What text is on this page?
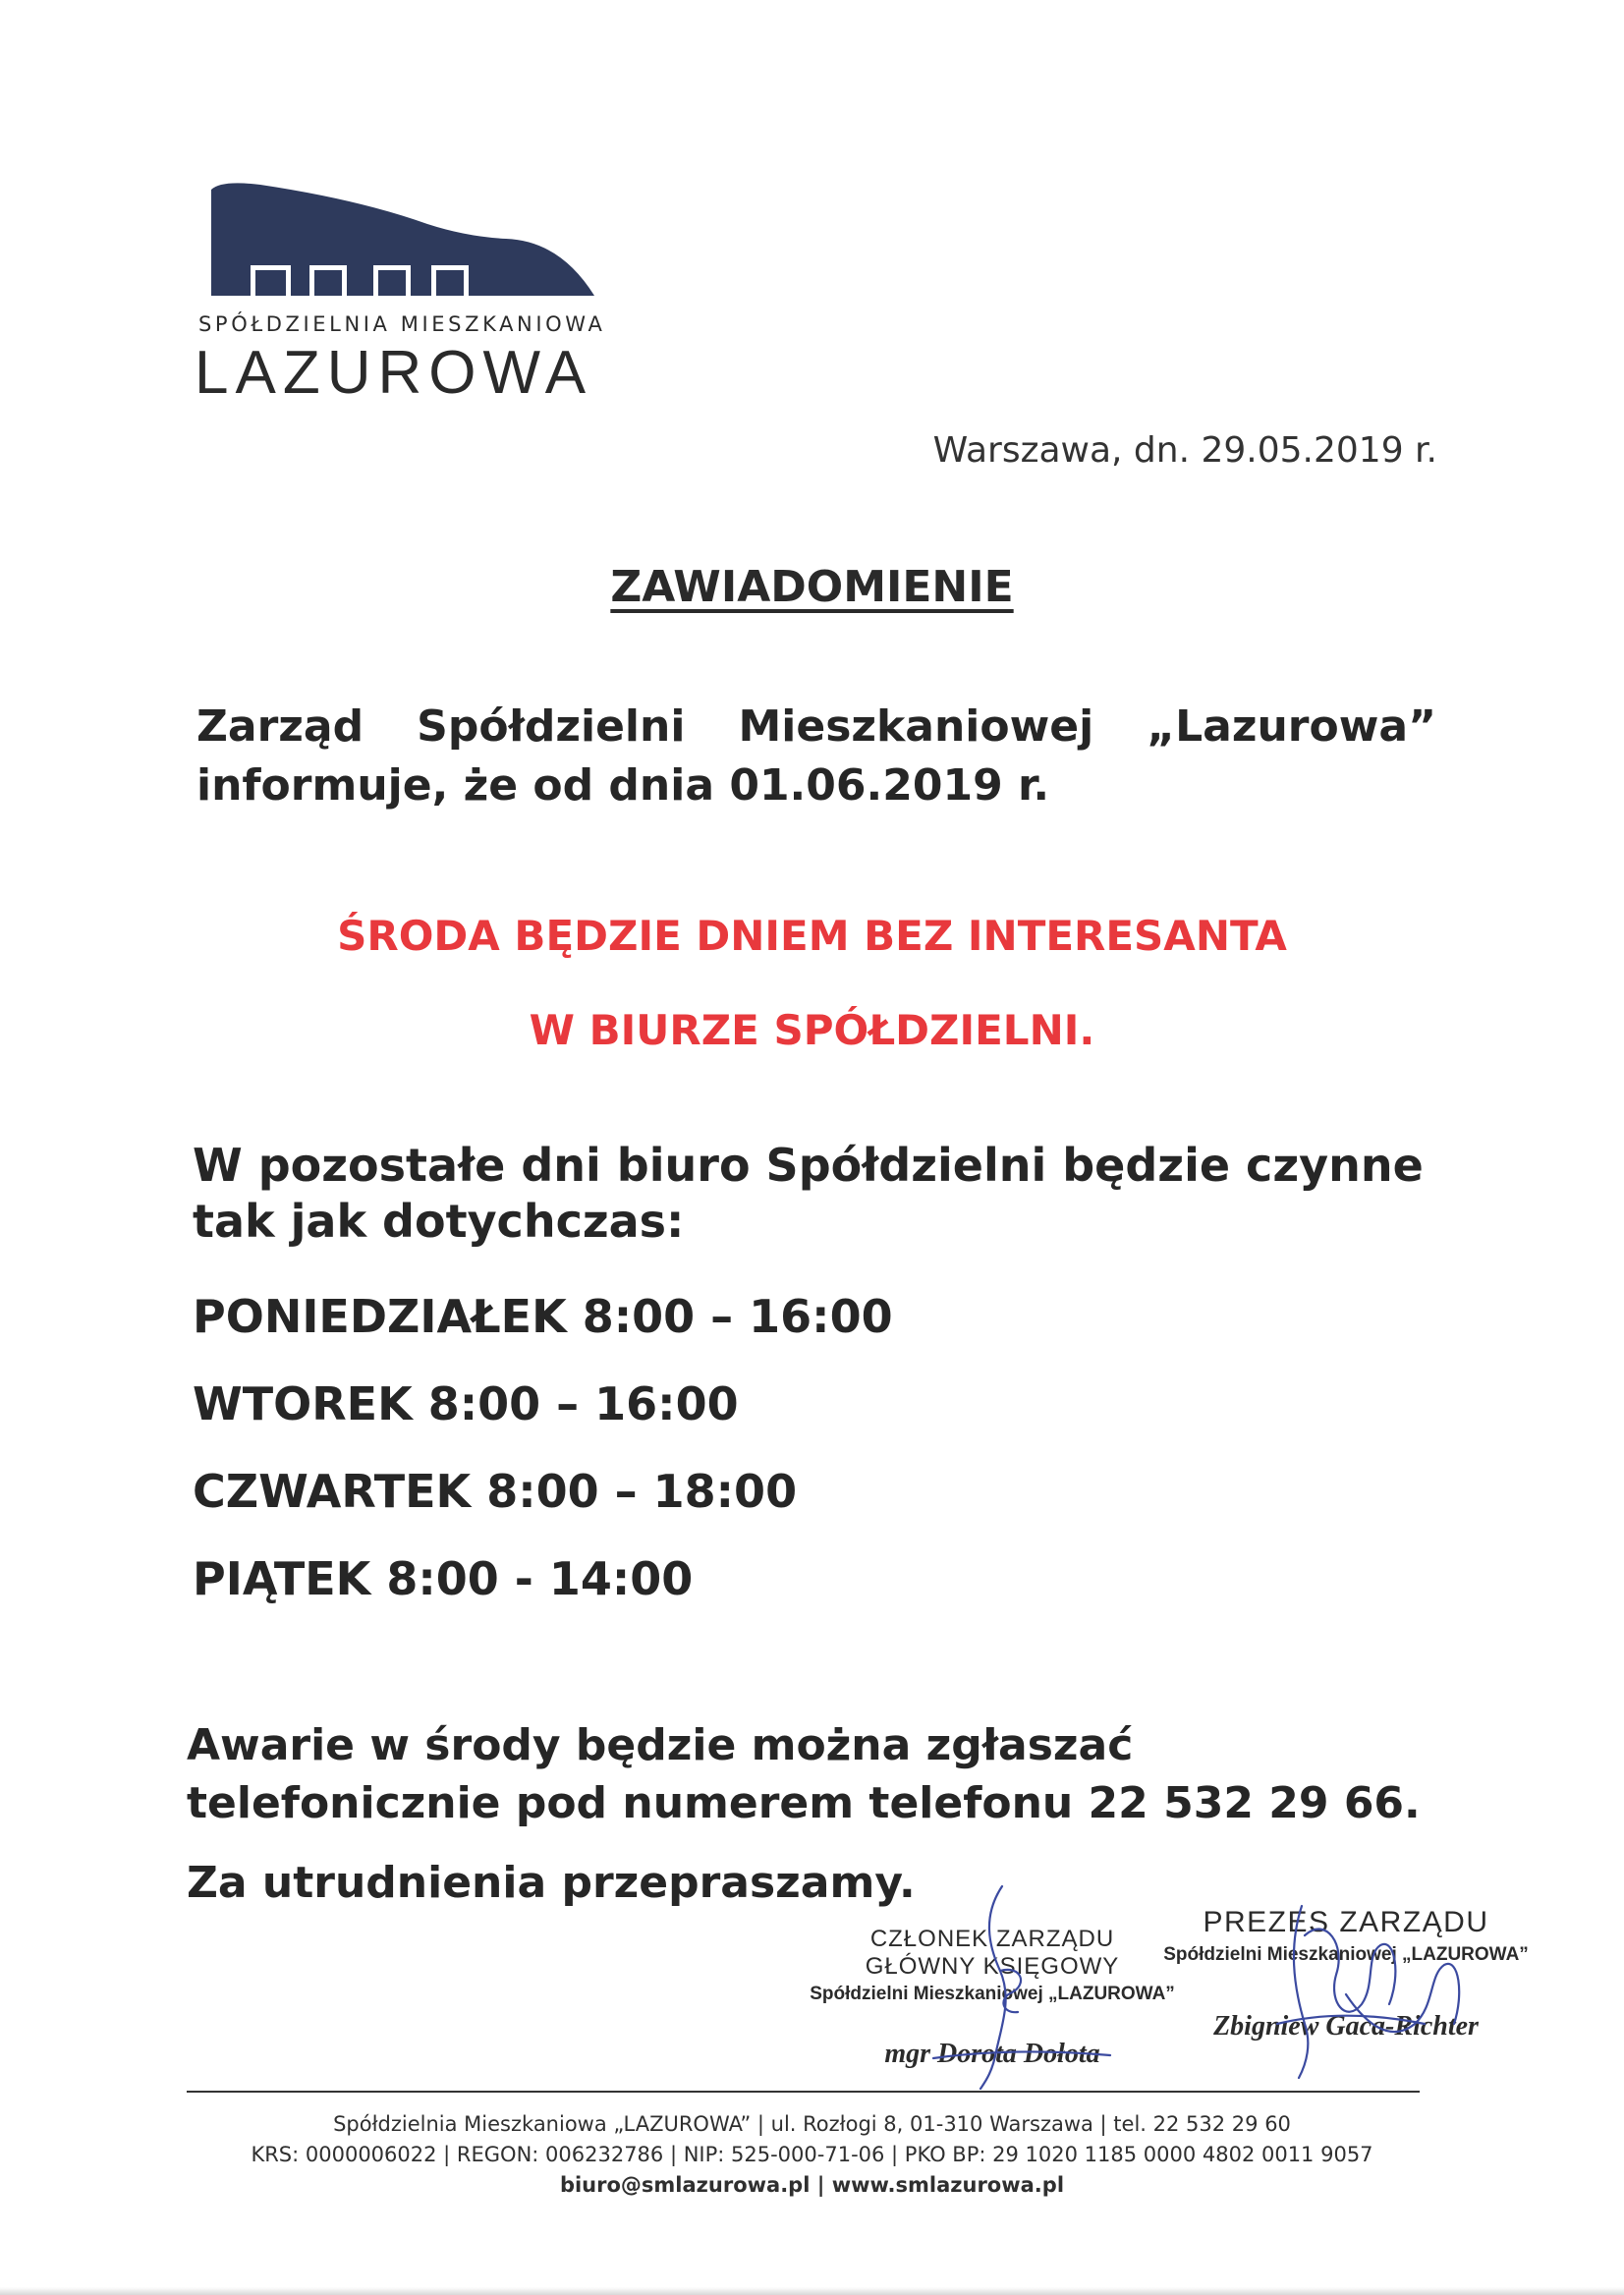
SPÓŁDZIELNIA MIESZKANIOWA
LAZUROWA
Warszawa, dn. 29.05.2019 r.
ZAWIADOMIENIE
Zarząd Spółdzielni Mieszkaniowej „Lazurowa”
informuje, że od dnia 01.06.2019 r.
ŚRODA BĘDZIE DNIEM BEZ INTERESANTA
W BIURZE SPÓŁDZIELNI.
W pozostałe dni biuro Spółdzielni będzie czynne tak jak dotychczas:
PONIEDZIAŁEK 8:00 – 16:00
WTOREK 8:00 – 16:00
CZWARTEK 8:00 – 18:00
PIĄTEK 8:00 - 14:00
Awarie w środy będzie można zgłaszać telefonicznie pod numerem telefonu 22 532 29 66.
Za utrudnienia przepraszamy.
CZŁONEK ZARZĄDU
GŁÓWNY KSIĘGOWY
Spółdzielni Mieszkaniowej „LAZUROWA”
mgr Dorota Dołota
PREZES ZARZĄDU
Spółdzielni Mieszkaniowej „LAZUROWA”
Zbigniew Gaca-Richter
Spółdzielnia Mieszkaniowa „LAZUROWA” | ul. Rozłogi 8, 01-310 Warszawa | tel. 22 532 29 60
KRS: 0000006022 | REGON: 006232786 | NIP: 525-000-71-06 | PKO BP: 29 1020 1185 0000 4802 0011 9057
biuro@smlazurowa.pl | www.smlazurowa.pl
